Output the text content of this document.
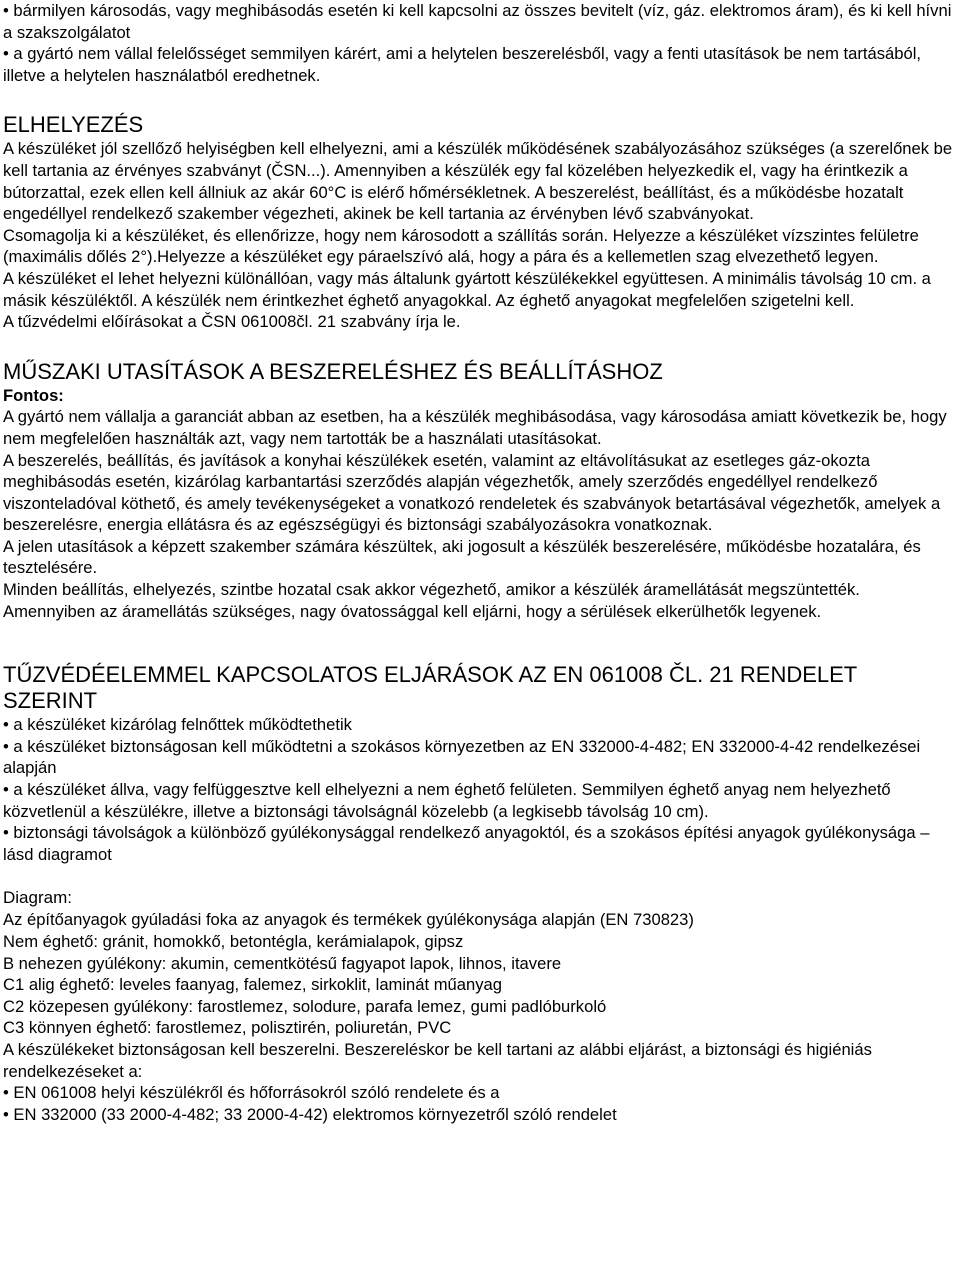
• bármilyen károsodás, vagy meghibásodás esetén ki kell kapcsolni az összes bevitelt (víz, gáz. elektromos áram), és ki kell hívni a szakszolgálatot

• a gyártó nem vállal felelősséget semmilyen kárért, ami a helytelen beszerelésből, vagy a fenti utasítások be nem tartásából, illetve a helytelen használatból eredhetnek.

ELHELYEZÉS

A készüléket jól szellőző helyiségben kell elhelyezni, ami a készülék működésének szabályozásához szükséges (a szerelőnek be kell tartania az érvényes szabványt (ČSN...). Amennyiben a készülék egy fal közelében helyezkedik el, vagy ha érintkezik a bútorzattal, ezek ellen kell állniuk az akár 60°C is elérő hőmérsékletnek. A beszerelést, beállítást, és a működésbe hozatalt engedéllyel rendelkező szakember végezheti, akinek be kell tartania az érvényben lévő szabványokat.

Csomagolja ki a készüléket, és ellenőrizze, hogy nem károsodott a szállítás során. Helyezze a készüléket vízszintes felületre (maximális dőlés 2°).Helyezze a készüléket egy páraelszívó alá, hogy a pára és a kellemetlen szag elvezethető legyen.

A készüléket el lehet helyezni különállóan, vagy más általunk gyártott készülékekkel együttesen. A minimális távolság 10 cm. a másik készüléktől. A készülék nem érintkezhet éghető anyagokkal. Az éghető anyagokat megfelelően szigetelni kell.

A tűzvédelmi előírásokat a ČSN 061008čl. 21 szabvány írja le.

MŰSZAKI UTASÍTÁSOK A BESZERELÉSHEZ ÉS BEÁLLÍTÁSHOZ

Fontos:

A gyártó nem vállalja a garanciát abban az esetben, ha a készülék meghibásodása, vagy károsodása amiatt következik be, hogy nem megfelelően használták azt, vagy nem tartották be a használati utasításokat.

A beszerelés, beállítás, és javítások a konyhai készülékek esetén, valamint az eltávolításukat az esetleges gáz-okozta meghibásodás esetén, kizárólag karbantartási szerződés alapján végezhetők, amely szerződés engedéllyel rendelkező viszonteladóval köthető, és amely tevékenységeket a vonatkozó rendeletek és szabványok betartásával végezhetők, amelyek a beszerelésre, energia ellátásra és az egészségügyi és biztonsági szabályozásokra vonatkoznak.

A jelen utasítások a képzett szakember számára készültek, aki jogosult a készülék beszerelésére, működésbe hozatalára, és tesztelésére.

Minden beállítás, elhelyezés, szintbe hozatal csak akkor végezhető, amikor a készülék áramellátását megszüntették.

Amennyiben az áramellátás szükséges, nagy óvatossággal kell eljárni, hogy a sérülések elkerülhetők legyenek.

TŰZVÉDÉELEMMEL KAPCSOLATOS ELJÁRÁSOK AZ EN 061008 ČL. 21 RENDELET SZERINT

• a készüléket kizárólag felnőttek működtethetik

• a készüléket biztonságosan kell működtetni a szokásos környezetben az EN 332000-4-482; EN 332000-4-42 rendelkezései alapján

• a készüléket állva, vagy felfüggesztve kell elhelyezni a nem éghető felületen. Semmilyen éghető anyag nem helyezhető közvetlenül a készülékre, illetve a biztonsági távolságnál közelebb (a legkisebb távolság 10 cm).

• biztonsági távolságok a különböző gyúlékonysággal rendelkező anyagoktól, és a szokásos építési anyagok gyúlékonysága – lásd diagramot

Diagram:

Az építőanyagok gyúladási foka az anyagok és termékek gyúlékonysága alapján (EN 730823)

Nem éghető: gránit, homokkő, betontégla, kerámialapok, gipsz

B nehezen gyúlékony: akumin, cementkötésű fagyapot lapok, lihnos, itavere

C1 alig éghető: leveles faanyag, falemez, sirkoklit, laminát műanyag

C2 közepesen gyúlékony: farostlemez, solodure, parafa lemez, gumi padlóburkoló

C3 könnyen éghető: farostlemez, polisztirén, poliuretán, PVC

A készülékeket biztonságosan kell beszerelni. Beszereléskor be kell tartani az alábbi eljárást, a biztonsági és higiéniás rendelkezéseket a:

• EN 061008 helyi készülékről és hőforrásokról szóló rendelete és a

• EN 332000 (33 2000-4-482; 33 2000-4-42) elektromos környezetről szóló rendelet
